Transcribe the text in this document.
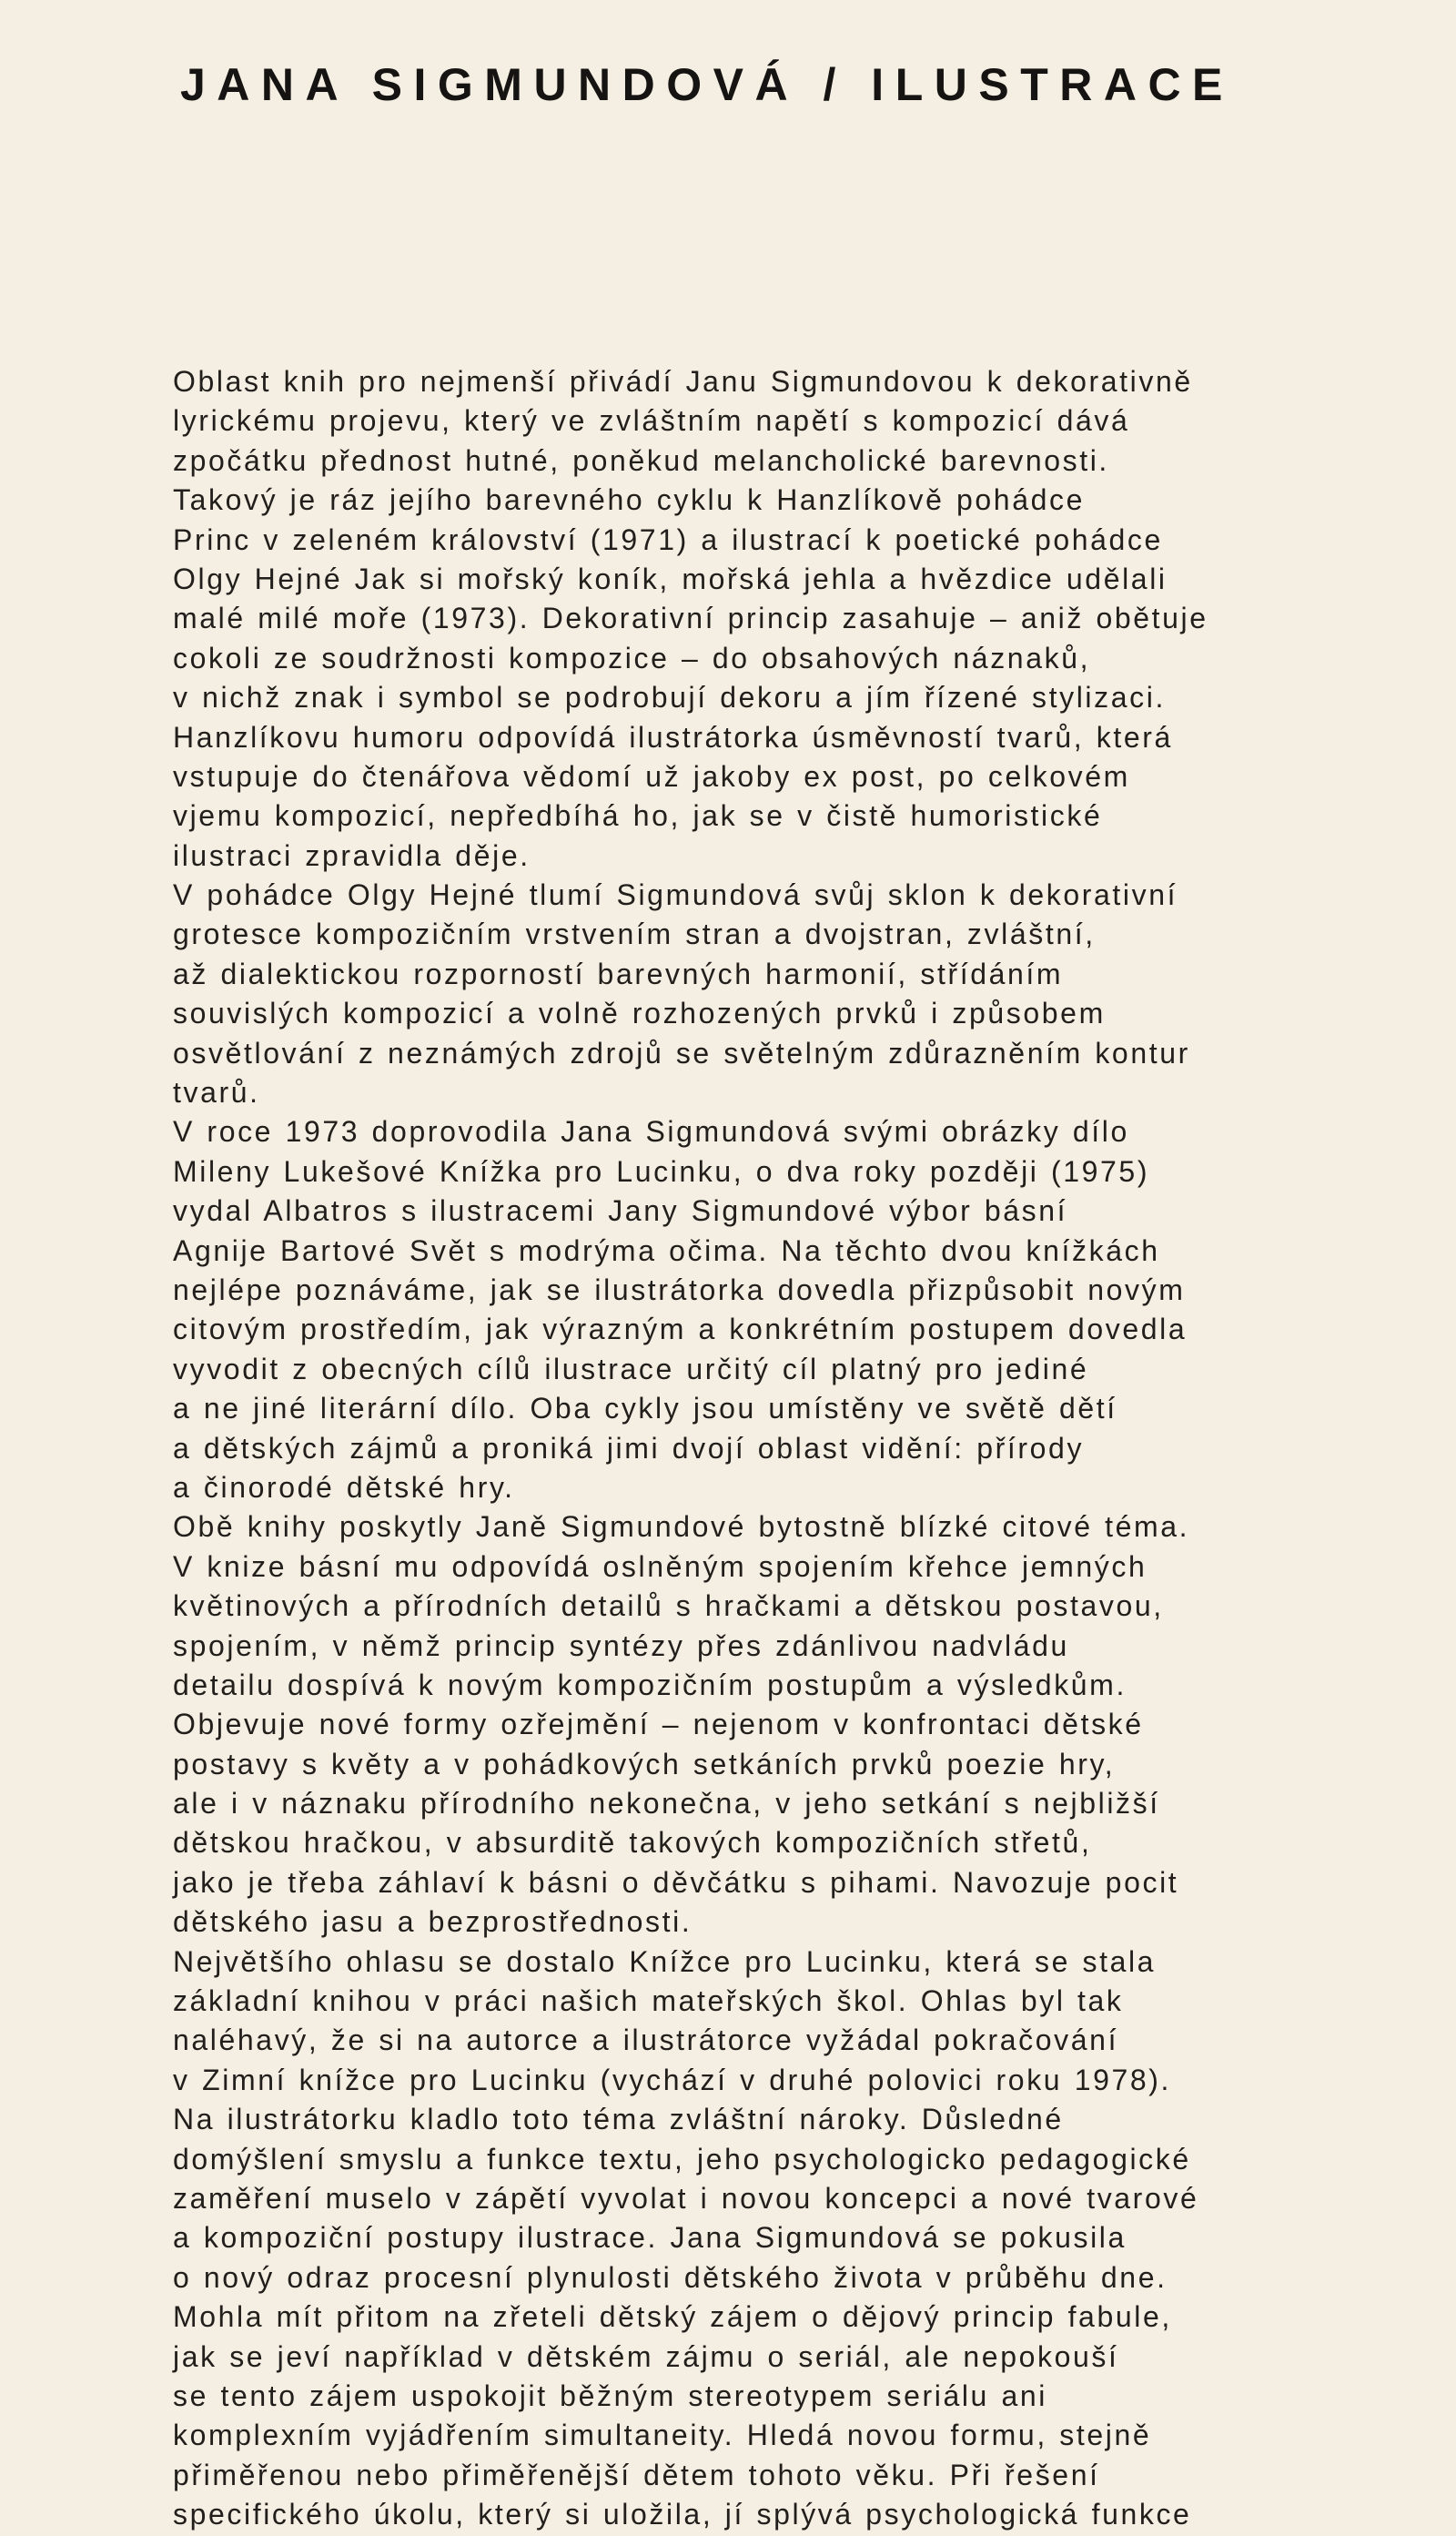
JANA SIGMUNDOVÁ / ILUSTRACE
Oblast knih pro nejmenší přivádí Janu Sigmundovou k dekorativně
lyrickému projevu, který ve zvláštním napětí s kompozicí dává
zpočátku přednost hutné, poněkud melancholické barevnosti.
Takový je ráz jejího barevného cyklu k Hanzlíkově pohádce
Princ v zeleném království (1971) a ilustrací k poetické pohádce
Olgy Hejné Jak si mořský koník, mořská jehla a hvězdice udělali
malé milé moře (1973). Dekorativní princip zasahuje – aniž obětuje
cokoli ze soudržnosti kompozice – do obsahových náznaků,
v nichž znak i symbol se podrobují dekoru a jím řízené stylizaci.
Hanzlíkovu humoru odpovídá ilustrátorka úsměvností tvarů, která
vstupuje do čtenářova vědomí už jakoby ex post, po celkovém
vjemu kompozicí, nepředbíhá ho, jak se v čistě humoristické
ilustraci zpravidla děje.
V pohádce Olgy Hejné tlumí Sigmundová svůj sklon k dekorativní
grotesce kompozičním vrstvením stran a dvojstran, zvláštní,
až dialektickou rozporností barevných harmonií, střídáním
souvislých kompozicí a volně rozhozených prvků i způsobem
osvětlování z neznámých zdrojů se světelným zdůrazněním kontur
tvarů.
V roce 1973 doprovodila Jana Sigmundová svými obrázky dílo
Mileny Lukešové Knížka pro Lucinku, o dva roky později (1975)
vydal Albatros s ilustracemi Jany Sigmundové výbor básní
Agnije Bartové Svět s modrýma očima. Na těchto dvou knížkách
nejlépe poznáváme, jak se ilustrátorka dovedla přizpůsobit novým
citovým prostředím, jak výrazným a konkrétním postupem dovedla
vyvodit z obecných cílů ilustrace určitý cíl platný pro jediné
a ne jiné literární dílo. Oba cykly jsou umístěny ve světě dětí
a dětských zájmů a proniká jimi dvojí oblast vidění: přírody
a činorodé dětské hry.
Obě knihy poskytly Janě Sigmundové bytostně blízké citové téma.
V knize básní mu odpovídá oslněným spojením křehce jemných
květinových a přírodních detailů s hračkami a dětskou postavou,
spojením, v němž princip syntézy přes zdánlivou nadvládu
detailu dospívá k novým kompozičním postupům a výsledkům.
Objevuje nové formy ozřejmění – nejenom v konfrontaci dětské
postavy s květy a v pohádkových setkáních prvků poezie hry,
ale i v náznaku přírodního nekonečna, v jeho setkání s nejbližší
dětskou hračkou, v absurditě takových kompozičních střetů,
jako je třeba záhlaví k básni o děvčátku s pihami. Navozuje pocit
dětského jasu a bezprostřednosti.
Největšího ohlasu se dostalo Knížce pro Lucinku, která se stala
základní knihou v práci našich mateřských škol. Ohlas byl tak
naléhavý, že si na autorce a ilustrátorce vyžádal pokračování
v Zimní knížce pro Lucinku (vychází v druhé polovici roku 1978).
Na ilustrátorku kladlo toto téma zvláštní nároky. Důsledné
domýšlení smyslu a funkce textu, jeho psychologicko pedagogické
zaměření muselo v zápětí vyvolat i novou koncepci a nové tvarové
a kompoziční postupy ilustrace. Jana Sigmundová se pokusila
o nový odraz procesní plynulosti dětského života v průběhu dne.
Mohla mít přitom na zřeteli dětský zájem o dějový princip fabule,
jak se jeví například v dětském zájmu o seriál, ale nepokouší
se tento zájem uspokojit běžným stereotypem seriálu ani
komplexním vyjádřením simultaneity. Hledá novou formu, stejně
přiměřenou nebo přiměřenější dětem tohoto věku. Při řešení
specifického úkolu, který si uložila, jí splývá psychologická funkce
